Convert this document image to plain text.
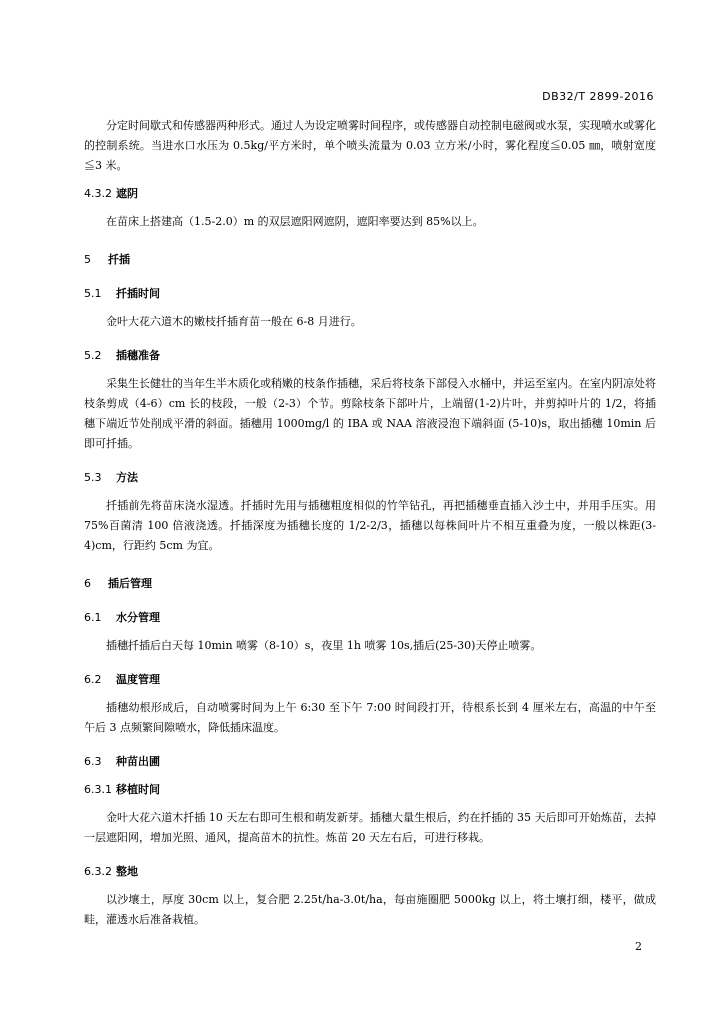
DB32/T 2899-2016

分定时间歇式和传感器两种形式。通过人为设定喷雾时间程序，或传感器自动控制电磁阀或水泵，实现喷水或雾化的控制系统。当进水口水压为 0.5kg/平方米时，单个喷头流量为 0.03 立方米/小时，雾化程度≦0.05 ㎜，喷射宽度≦3 米。

4.3.2 遮阴

在苗床上搭建高（1.5-2.0）m 的双层遮阳网遮阴，遮阳率要达到 85%以上。

5 扦插
5.1 扦插时间

金叶大花六道木的嫩枝扦插育苗一般在 6-8 月进行。

5.2 插穗准备

采集生长健壮的当年生半木质化或稍嫩的枝条作插穗，采后将枝条下部侵入水桶中，并运至室内。在室内阴凉处将枝条剪成（4-6）cm 长的枝段，一般（2-3）个节。剪除枝条下部叶片，上端留(1-2)片叶，并剪掉叶片的 1/2，将插穗下端近节处削成平滑的斜面。插穗用 1000mg/l 的 IBA 或 NAA 溶液浸泡下端斜面 (5-10)s，取出插穗 10min 后即可扦插。

5.3 方法

扦插前先将苗床浇水湿透。扦插时先用与插穗粗度相似的竹竿钻孔，再把插穗垂直插入沙土中，并用手压实。用 75%百菌清 100 倍液浇透。扦插深度为插穗长度的 1/2-2/3，插穗以每株间叶片不相互重叠为度，一般以株距(3-4)cm，行距约 5cm 为宜。

6 插后管理
6.1 水分管理

插穗扦插后白天每 10min 喷雾（8-10）s，夜里 1h 喷雾 10s,插后(25-30)天停止喷雾。

6.2 温度管理

插穗幼根形成后，自动喷雾时间为上午 6:30 至下午 7:00 时间段打开，待根系长到 4 厘米左右，高温的中午至午后 3 点频繁间隙喷水，降低插床温度。

6.3 种苗出圃
6.3.1 移植时间

金叶大花六道木扦插 10 天左右即可生根和萌发新芽。插穗大量生根后，约在扦插的 35 天后即可开始炼苗，去掉一层遮阳网，增加光照、通风，提高苗木的抗性。炼苗 20 天左右后，可进行移栽。

6.3.2 整地

以沙壤土，厚度 30cm 以上，复合肥 2.25t/ha-3.0t/ha，每亩施圈肥 5000kg 以上，将土壤打细，楼平，做成畦，灌透水后准备栽植。

2
